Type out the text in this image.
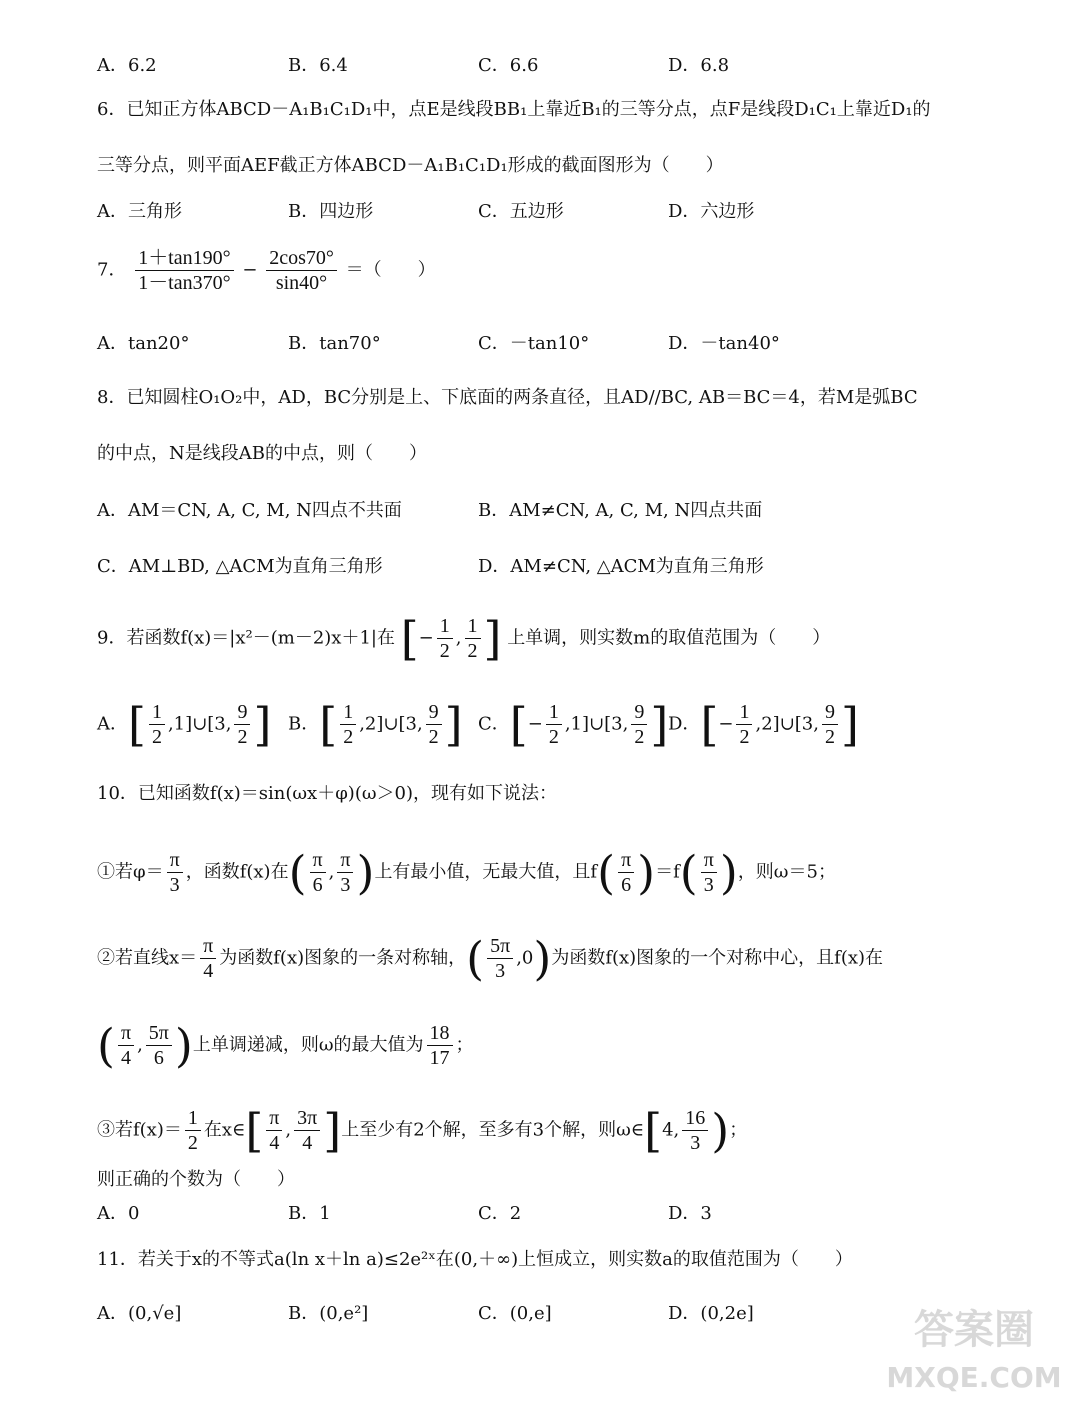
A．6.2	B．6.4	C．6.6	D．6.8
6．已知正方体ABCD－A₁B₁C₁D₁中，点E是线段BB₁上靠近B₁的三等分点，点F是线段D₁C₁上靠近D₁的
三等分点，则平面AEF截正方体ABCD－A₁B₁C₁D₁形成的截面图形为（　　）
A．三角形	B．四边形	C．五边形	D．六边形
7． $\frac{1+\tan 190^\circ}{1-\tan 370^\circ} - \frac{2\cos 70^\circ}{\sin 40^\circ}$ ＝（　　）
A．tan20°	B．tan70°	C．－tan10°	D．－tan40°
8．已知圆柱O₁O₂中，AD，BC分别是上、下底面的两条直径，且AD//BC, AB＝BC＝4，若M是弧BC
的中点，N是线段AB的中点，则（　　）
A．AM＝CN, A, C, M, N四点不共面	B．AM≠CN, A, C, M, N四点共面
C．AM⊥BD, △ACM为直角三角形	D．AM≠CN, △ACM为直角三角形
9．若函数f(x)＝|x²－(m－2)x＋1|在 [− $\frac{1}{2}$ , $\frac{1}{2}$ ] 上单调，则实数m的取值范围为（　　）
A．[ $\frac{1}{2}$ ,1]∪[3, $\frac{9}{2}$ ] B．[ $\frac{1}{2}$ ,2]∪[3, $\frac{9}{2}$ ] C．[− $\frac{1}{2}$ ,1]∪[3, $\frac{9}{2}$ ] D．[− $\frac{1}{2}$ ,2]∪[3, $\frac{9}{2}$ ]
10．已知函数f(x)＝sin(ωx＋φ)(ω＞0)，现有如下说法：
①若$\varphi= \frac{\pi}{3}$ ，函数f(x)在( $\frac{\pi}{6}$ , $\frac{\pi}{3}$ )上有最小值，无最大值，且$f( \frac{\pi}{6} )=f( \frac{\pi}{3}$ )，则ω＝5；
②若直线$x= \frac{\pi}{4}$ 为函数f(x)图象的一条对称轴，( $\frac{5\pi}{3} ,0$)为函数f(x)图象的一个对称中心，且f(x)在
( $\frac{\pi}{4}$ , $\frac{5\pi}{6}$ )上单调递减，则ω的最大值为 $\frac{18}{17}$ ；
③若$f(x)= \frac{1}{2}$ 在x∈[ $\frac{\pi}{4}$ , $\frac{3\pi}{4}$ ]上至少有2个解，至多有3个解，则ω∈[4, $\frac{16}{3}$ )；
则正确的个数为（　　）
A．0	B．1	C．2	D．3
11．若关于x的不等式a(ln x＋ln a)≤2e²ˣ在(0,＋∞)上恒成立，则实数a的取值范围为（　　）
A．(0,√e]	B．(0,e²]	C．(0,e]	D．(0,2e]	答案圈
MXQE.COM
